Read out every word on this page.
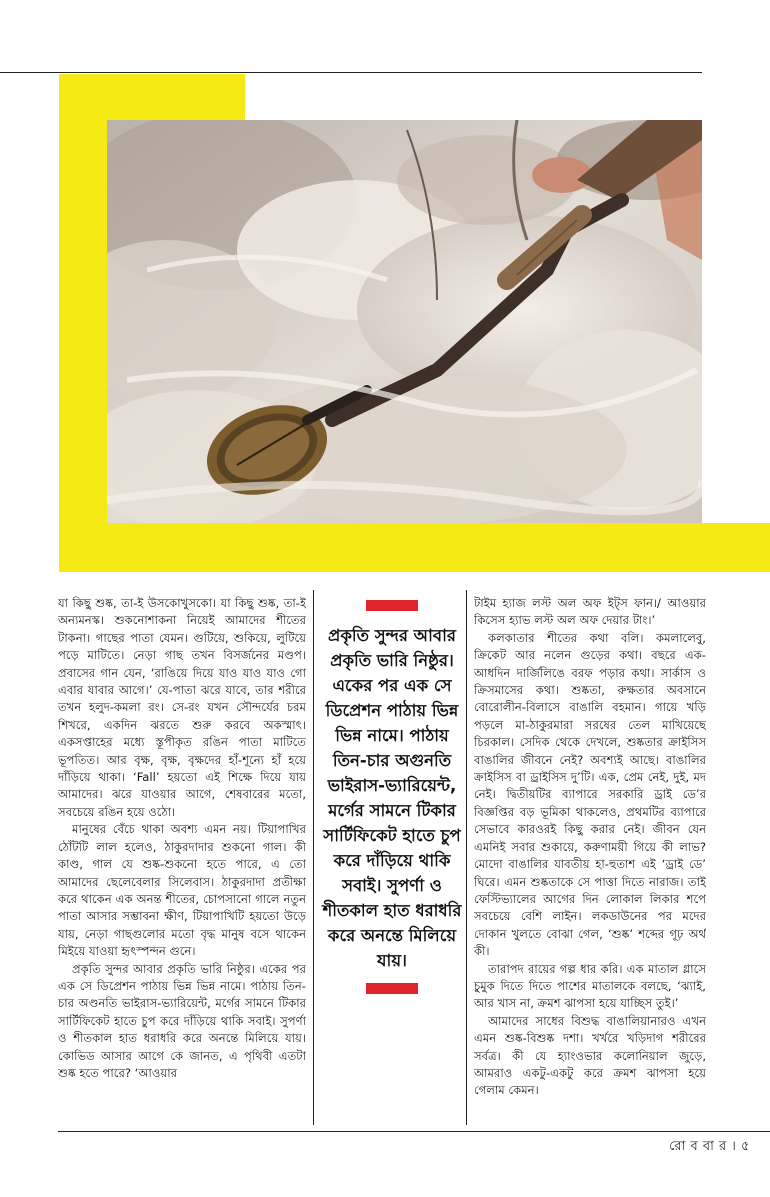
যা কিছু শুষ্ক, তা-ই উসকোখুসকো। যা কিছু শুষ্ক, তা-ই অন্যমনস্ক। শুকনোশাকনা নিয়েই আমাদের শীতের টাকনা। গাছের পাতা যেমন। গুটিয়ে, শুকিয়ে, লুটিয়ে পড়ে মাটিতে। নেড়া গাছ তখন বিসর্জনের মণ্ডপ। প্রবাসের গান যেন, ‘রাঙিয়ে দিয়ে যাও যাও যাও গো এবার যাবার আগে।’ যে-পাতা ঝরে যাবে, তার শরীরে তখন হলুদ-কমলা রং। সে-রং যখন সৌন্দর্যের চরম শিখরে, একদিন ঝরতে শুরু করবে অকস্মাৎ। একসপ্তাহের মধ্যে স্তূপীকৃত রঙিন পাতা মাটিতে ভূপতিত। আর বৃক্ষ, বৃক্ষ, বৃক্ষদের হাঁ-শূন্যে হাঁ হয়ে দাঁড়িয়ে থাকা। ‘Fall’ হয়তো এই শিক্ষে দিয়ে যায় আমাদের। ঝরে যাওয়ার আগে, শেষবারের মতো, সবচেয়ে রঙিন হয়ে ওঠো।

মানুষের বেঁচে থাকা অবশ্য এমন নয়। টিয়াপাখির ঠোঁটটি লাল হলেও, ঠাকুরদাদার শুকনো গাল। কী কাণ্ড, গাল যে শুষ্ক-শুকনো হতে পারে, এ তো আমাদের ছেলেবেলার সিলেবাস। ঠাকুরদাদা প্রতীক্ষা করে থাকেন এক অনন্ত শীতের, চোপসানো গালে নতুন পাতা আসার সম্ভাবনা ক্ষীণ, টিয়াপাখিটি হয়তো উড়ে যায়, নেড়া গাছগুলোর মতো বৃদ্ধ মানুষ বসে থাকেন মিইয়ে যাওয়া হৃৎস্পন্দন গুনে।

প্রকৃতি সুন্দর আবার প্রকৃতি ভারি নিষ্ঠুর। একের পর এক সে ডিপ্রেশন পাঠায় ভিন্ন ভিন্ন নামে। পাঠায় তিন-চার অণ্ডনতি ভাইরাস-ভ্যারিয়েন্ট, মর্গের সামনে টিকার সার্টিফিকেট হাতে চুপ করে দাঁড়িয়ে থাকি সবাই। সুপর্ণা ও শীতকাল হাত ধরাধরি করে অনন্তে মিলিয়ে যায়। কোভিড আসার আগে কে জানত, এ পৃথিবী এতটা শুষ্ক হতে পারে? ‘আওয়ার

প্রকৃতি সুন্দর আবার প্রকৃতি ভারি নিষ্ঠুর। একের পর এক সে ডিপ্রেশন পাঠায় ভিন্ন ভিন্ন নামে। পাঠায় তিন-চার অগুনতি ভাইরাস-ভ্যারিয়েন্ট, মর্গের সামনে টিকার সার্টিফিকেট হাতে চুপ করে দাঁড়িয়ে থাকি সবাই। সুপর্ণা ও শীতকাল হাত ধরাধরি করে অনন্তে মিলিয়ে যায়।

টাইম হ্যাজ লস্ট অল অফ ইট্‌স ফান।/ আওয়ার কিসেস হ্যাভ লস্ট অল অফ দেয়ার টাং।’

কলকাতার শীতের কথা বলি। কমলালেবু, ক্রিকেট আর নলেন গুড়ের কথা। বছরে এক-আধদিন দার্জিলিঙে বরফ পড়ার কথা। সার্কাস ও ক্রিসমাসের কথা। শুষ্কতা, রুক্ষতার অবসানে বোরোলীন-বিলাসে বাঙালি বহমান। গায়ে খড়ি পড়লে মা-ঠাকুরমারা সরষের তেল মাখিয়েছে চিরকাল। সেদিক থেকে দেখলে, শুষ্কতার ক্রাইসিস বাঙালির জীবনে নেই? অবশ্যই আছে। বাঙালির ক্রাইসিস বা ড্রাইসিস দু’টি। এক, প্রেম নেই, দুই, মদ নেই। দ্বিতীয়টির ব্যাপারে সরকারি ড্রাই ডে’র বিজ্ঞপ্তির বড় ভূমিকা থাকলেও, প্রথমটির ব্যাপারে সেভাবে কারওরই কিছু করার নেই। জীবন যেন এমনিই সবার শুকায়ে, করুণাময়ী গিয়ে কী লাভ? মোদো বাঙালির যাবতীয় হা-হুতাশ এই ‘ড্রাই ডে’ ঘিরে। এমন শুষ্কতাকে সে পাত্তা দিতে নারাজ। তাই ফেস্টিভ্যালের আগের দিন লোকাল লিকার শপে সবচেয়ে বেশি লাইন। লকডাউনের পর মদের দোকান খুলতে বোঝা গেল, ‘শুষ্ক’ শব্দের গূঢ় অর্থ কী।

তারাপদ রায়ের গল্প ধার করি। এক মাতাল গ্লাসে চুমুক দিতে দিতে পাশের মাতালকে বলছে, ‘ঝ্যাই, আর খাস না, ক্রমশ ঝাপসা হয়ে যাচ্ছিস তুই।’

আমাদের সাধের বিশুদ্ধ বাঙালিয়ানারও এখন এমন শুষ্ক-বিশুষ্ক দশা। খর্খরে খড়িদাগ শরীরের সর্বত্র। কী যে হ্যাংওভার কলোনিয়াল জুড়ে, আমরাও একটু-একটু করে ক্রমশ ঝাপসা হয়ে গেলাম কেমন।

রো ব বা র । ৫
